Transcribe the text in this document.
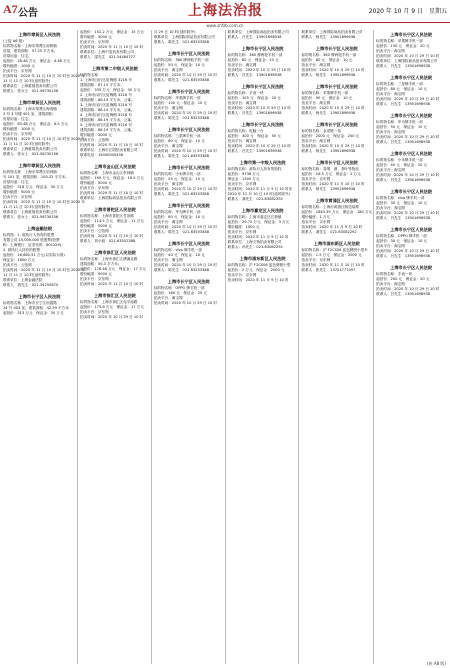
A7 公告	上海法治报	2020 年 10 月 9 日　星期五
www.shfzb.com.cn
上海市奉贤区人民法院
(上接 A6 版)
标的物名称：上海市奉贤区南桥镇
房屋，建筑面积：57.25 平方米；
房屋用途：住宅。
起拍价：28.48 万元　保证金：4.48 万元
增价幅度：1000 元
拍卖平台：京东网
拍卖时间：2020 年 11 月 10 日 10 时至 2020 年
11 月 11 日 10 时(延时除外)
联系单位：上海重翔拍卖有限公司
联系人：张女士　021-56730156
上海市奉贤区人民法院
标的物名称：上海市奉贤区海湾镇
2 号 3 号楼 401 室，建筑面积：
房屋用途：住宅。
起拍价：63.48 万元　保证金：6.5 万元
增价幅度：1000 元
拍卖平台：京东网
拍卖时间：2020 年 11 月 10 日 10 时至 2020 年
11 月 11 日 10 时(延时除外)
联系单位：上海重翔拍卖有限公司
联系人：张女士　021-56730156
上海市奉贤区人民法院
标的物名称：上海市奉贤区柘林镇
号 101 室，建筑面积：100.32 平方米；
房屋用途：住宅。
起拍价：318 万元　保证金：30 万元
增价幅度：5000 元
拍卖平台：京东网
拍卖时间：2020 年 11 月 10 日 10 时至 2020 年
11 月 11 日 10 时(延时除外)
联系单位：上海重翔拍卖有限公司
联系人：张女士　021-56730156
上海金融法院
标的物：1. 被执行人持有的股票
有限公司 15,000,000 股股票(股票
称：上海银行，证券代码：601229)；
2. 被执行人持有的股票
起拍价：16,660.51 万元(以实际为准)
保证金：1600 万元
拍卖平台：公拍网
拍卖时间：2020 年 11 月 10 日 10 时至 2020 年
11 月 11 日 10 时(延时除外)
联系单位：上海金融法院
联系人：钱先生　021-34255670
上海市长宁区人民法院
标的物名称：上海市长宁区仙霞路
24 号 403 室，建筑面积：42.59 平方米
起拍价：313 万元　保证金：30 万元
起拍价：152.2 万元　保证金：15 万元
增价幅度：5000 元
拍卖平台：京东网
拍卖时间：2020 年 11 月 10 日 10 时
联系单位：上海中鉴拍卖有限公司
联系人：邵先生　021-54484777
上海市第二中级人民法院
标的物名称：
1. 上海市闵行区虹梅路 3216 号
建筑面积：87.15 平方米；
起拍价：335 万元　保证金：30 万元
2. 上海市闵行区虹梅路 3216 号
建筑面积：88.19 平方米，公寓。
3. 上海市闵行区虹梅路 3216 号
建筑面积：88.19 平方米，公寓。
4. 上海市闵行区虹梅路 3216 号
建筑面积：88.19 平方米，公寓。
5. 上海市闵行区虹梅路 3216 号
建筑面积：88.19 平方米，公寓。
增价幅度：5000 元
拍卖平台：公拍网
拍卖时间：2020 年 11 月 10 日 10 时
联系单位：上海市江阴拍卖有限公司
联系电话：15000945456
上海市金山区人民法院
标的物名称：上海市金山区亭林镇
起拍价：169 万元　保证金：16.5 万元
增价幅度：5000 元
拍卖平台：京东网
拍卖时间：2020 年 11 月 10 日 10 时
联系单位：上海国际商品拍卖有限公司
上海市普陀区人民法院
标的物名称：上海市普陀区甘泉路
起拍价：114.5 万元　保证金：11 万元
增价幅度：5000 元
拍卖平台：公拍网
拍卖时间：2020 年 11 月 10 日 10 时
联系人：刘小姐　021-63552388
上海市徐汇区人民法院
标的物名称：上海市徐汇区漕溪北路
建筑面积：50.3 平方米；
起拍价：176.48 万元　保证金：17 万元
增价幅度：5000 元
拍卖平台：京东网
拍卖时间：2020 年 11 月 10 日 10 时
上海市徐汇区人民法院
标的物名称：上海市徐汇区宛平南路
起拍价：175.6 万元　保证金：17 万元
拍卖平台：京东网
拍卖时间：2020 年 10 月 29 日 10 时
月 29 日 10 时(延时除外)
联系单位：上海国际商品拍卖有限公司
联系人：陈先生　021-63553388
上海市长宁区人民法院
标的物名称：360 牌两轮手机一部
起拍价：50 元　保证金：10 元
拍卖平台：淘宝网
拍卖时间：2020 年 10 月 29 日 10 时
联系人：陈先生　021-63553388
上海市长宁区人民法院
标的物名称：苹果牌手机一部
起拍价：100 元　保证金：10 元
拍卖平台：淘宝网
拍卖时间：2020 年 10 月 29 日 10 时
联系人：陈先生　021-63553388
上海市长宁区人民法院
标的物名称：三星牌手机一部
起拍价：60 元　保证金：10 元
拍卖平台：淘宝网
拍卖时间：2020 年 10 月 29 日 10 时
联系人：陈先生　021-63553388
上海市长宁区人民法院
标的物名称：小米牌手机一部
起拍价：55 元　保证金：10 元
拍卖平台：淘宝网
拍卖时间：2020 年 10 月 29 日 10 时
联系人：陈先生　021-63553388
上海市长宁区人民法院
标的物名称：华为牌手机一部
起拍价：80 元　保证金：10 元
拍卖平台：淘宝网
拍卖时间：2020 年 10 月 29 日 10 时
联系人：陈先生　021-63553388
上海市长宁区人民法院
标的物名称：vivo 牌手机一部
起拍价：40 元　保证金：10 元
拍卖平台：淘宝网
拍卖时间：2020 年 10 月 29 日 10 时
联系人：陈先生　021-63553388
上海市长宁区人民法院
标的物名称：OPPO 牌手机一部
起拍价：160 元　保证金：20 元
拍卖平台：淘宝网
拍卖时间：2020 年 10 月 29 日 10 时
联系单位：上海国际商品拍卖有限公司
联系人：吕先生　13901696938
上海市长宁区人民法院
标的物名称：360 牌两轮手机一部
起拍价：80 元　保证金：10 元
拍卖平台：淘宝网
拍卖时间：2020 年 10 月 29 日 10 时
联系人：吕先生　13901696938
上海市长宁区人民法院
标的物名称：手表一块
起拍价：105 元　保证金：20 元
拍卖平台：淘宝网
拍卖时间：2020 年 10 月 29 日 10 时
联系人：吕先生　13901696938
上海市长宁区人民法院
标的物名称：电脑一台
起拍价：300 元　保证金：50 元
拍卖平台：淘宝网
拍卖时间：2020 年 10 月 29 日 10 时
联系人：吕先生　13901696938
上海市第一中级人民法院
标的物名称：被执行人持有的股权
起拍价：9736 万元
保证金：1300 万元
拍卖平台：京东网
拍卖时间：2020 年 11 月 9 日 10 时至
2020 年 11 月 10 日 10 时(延时除外)
联系人：龚先生　021-63082292
上海市嘉定区人民法院
标的物名称：上海市嘉定区江桥镇
起拍价：29.72 万元　保证金：3 万元
增价幅度：1000 元
拍卖平台：京东网
拍卖时间：2020 年 11 月 9 日 10 时
联系单位：上海文物拍卖有限公司
联系人：孙先生　021-63082292
上海市浦东新区人民法院
标的物名称：沪 F2CS06 蓝色牌照小型
起拍价：2 万元　保证金：2000 元
拍卖平台：京东网
拍卖时间：2020 年 11 月 9 日 10 时
联系单位：上海国际商品拍卖有限公司
联系人：杨先生　13901696938
上海市长宁区人民法院
标的物名称：360 牌两轮手机一部
起拍价：80 元　保证金：10 元
拍卖平台：淘宝网
拍卖时间：2020 年 10 月 29 日 10 时
联系人：杨先生　13901696938
上海市长宁区人民法院
标的物名称：苹果牌手机一部
起拍价：90 元　保证金：10 元
拍卖平台：淘宝网
拍卖时间：2020 年 10 月 29 日 10 时
联系人：杨先生　13901696938
上海市长宁区人民法院
标的物名称：金项链一条
起拍价：2000 元　保证金：200 元
拍卖平台：淘宝网
拍卖时间：2020 年 10 月 29 日 10 时
联系人：杨先生　13901696938
上海市长宁区人民法院
标的物名称：香烟、酒、茶叶等物品
起拍价：16.5 万元　保证金：2 万元
拍卖平台：京东网
拍卖时间：2020 年 11 月 10 日 10 时
联系人：杨先生　13901696938
上海市黄浦区人民法院
标的物名称：上海市黄浦区制造局路
起拍价：1843.39 万元　保证金：180 万元
增价幅度：1 万元
拍卖平台：京东网
拍卖时间：2020 年 11 月 9 日 10 时
联系人：龚先生　021-63082292
上海市浦东新区人民法院
标的物名称：沪 F2CS06 蓝色牌照小型车
起拍价：1.5 万元　保证金：2000 元
拍卖平台：京东网
拍卖时间：2020 年 11 月 10 日 10 时
联系人：张先生　13701777097
上海市长宁区人民法院
标的物名称：苹果牌手机一部
起拍价：150 元　保证金：20 元
拍卖平台：淘宝网
拍卖时间：2020 年 10 月 29 日 10 时
联系单位：上海国际商品拍卖有限公司
联系人：吕先生　13901696938
上海市长宁区人民法院
标的物名称：三星牌手机一部
起拍价：80 元　保证金：10 元
拍卖平台：淘宝网
拍卖时间：2020 年 10 月 29 日 10 时
联系人：吕先生　13901696938
上海市长宁区人民法院
标的物名称：华为牌手机一部
起拍价：50 元　保证金：10 元
拍卖平台：淘宝网
拍卖时间：2020 年 10 月 29 日 10 时
联系人：吕先生　13901696938
上海市长宁区人民法院
标的物名称：小米牌手机一部
起拍价：40 元　保证金：10 元
拍卖平台：淘宝网
拍卖时间：2020 年 10 月 29 日 10 时
联系人：吕先生　13901696938
上海市长宁区人民法院
标的物名称：vivo 牌手机一部
起拍价：30 元　保证金：10 元
拍卖平台：淘宝网
拍卖时间：2020 年 10 月 29 日 10 时
联系人：吕先生　13901696938
上海市长宁区人民法院
标的物名称：OPPO 牌手机一部
起拍价：30 元　保证金：10 元
拍卖平台：淘宝网
拍卖时间：2020 年 10 月 29 日 10 时
联系人：吕先生　13901696938
上海市长宁区人民法院
标的物名称：手表一块
起拍价：200 元　保证金：20 元
拍卖平台：淘宝网
拍卖时间：2020 年 10 月 29 日 10 时
联系人：吕先生　13901696938
(转 A8 版)
